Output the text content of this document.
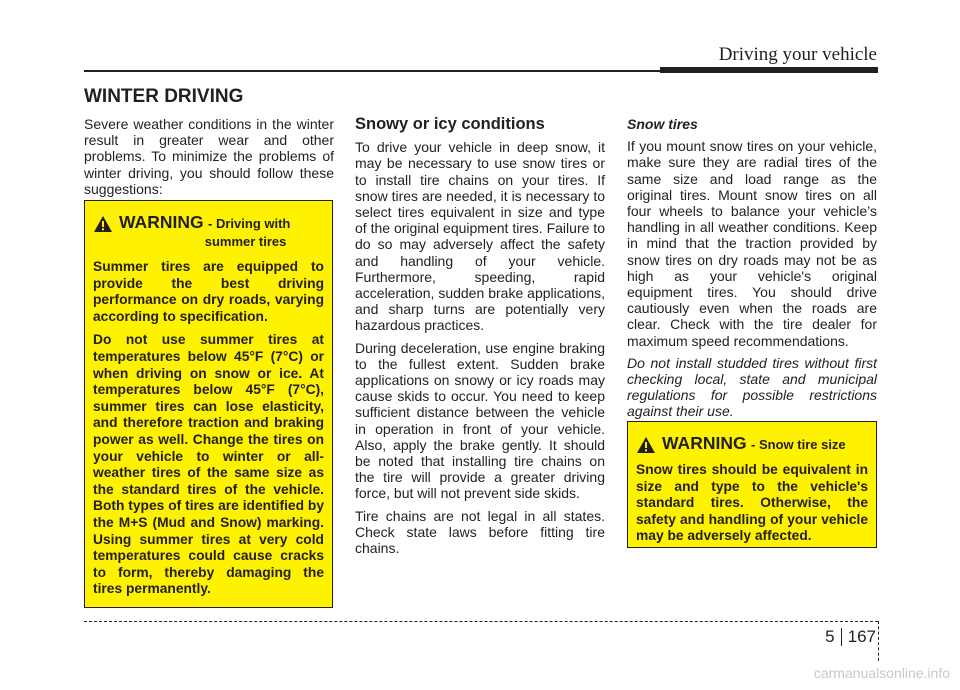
Driving your vehicle
WINTER DRIVING

Severe weather conditions in the winter result in greater wear and other problems. To minimize the problems of winter driving, you should follow these suggestions:

WARNING - Driving with
summer tires

Summer tires are equipped to provide the best driving performance on dry roads, varying according to specification.

Do not use summer tires at temperatures below 45°F (7°C) or when driving on snow or ice. At temperatures below 45°F (7°C), summer tires can lose elasticity, and therefore traction and braking power as well. Change the tires on your vehicle to winter or all-weather tires of the same size as the standard tires of the vehicle. Both types of tires are identified by the M+S (Mud and Snow) marking. Using summer tires at very cold temperatures could cause cracks to form, thereby damaging the tires permanently.

Snowy or icy conditions

To drive your vehicle in deep snow, it may be necessary to use snow tires or to install tire chains on your tires. If snow tires are needed, it is necessary to select tires equivalent in size and type of the original equipment tires. Failure to do so may adversely affect the safety and handling of your vehicle. Furthermore, speeding, rapid acceleration, sudden brake applications, and sharp turns are potentially very hazardous practices.

During deceleration, use engine braking to the fullest extent. Sudden brake applications on snowy or icy roads may cause skids to occur. You need to keep sufficient distance between the vehicle in operation in front of your vehicle. Also, apply the brake gently. It should be noted that installing tire chains on the tire will provide a greater driving force, but will not prevent side skids.

Tire chains are not legal in all states. Check state laws before fitting tire chains.

Snow tires

If you mount snow tires on your vehicle, make sure they are radial tires of the same size and load range as the original tires. Mount snow tires on all four wheels to balance your vehicle’s handling in all weather conditions. Keep in mind that the traction provided by snow tires on dry roads may not be as high as your vehicle's original equipment tires. You should drive cautiously even when the roads are clear. Check with the tire dealer for maximum speed recommendations.

Do not install studded tires without first checking local, state and municipal regulations for possible restrictions against their use.

WARNING - Snow tire size

Snow tires should be equivalent in size and type to the vehicle's standard tires. Otherwise, the safety and handling of your vehicle may be adversely affected.

5 167
carmanualsonline.info
